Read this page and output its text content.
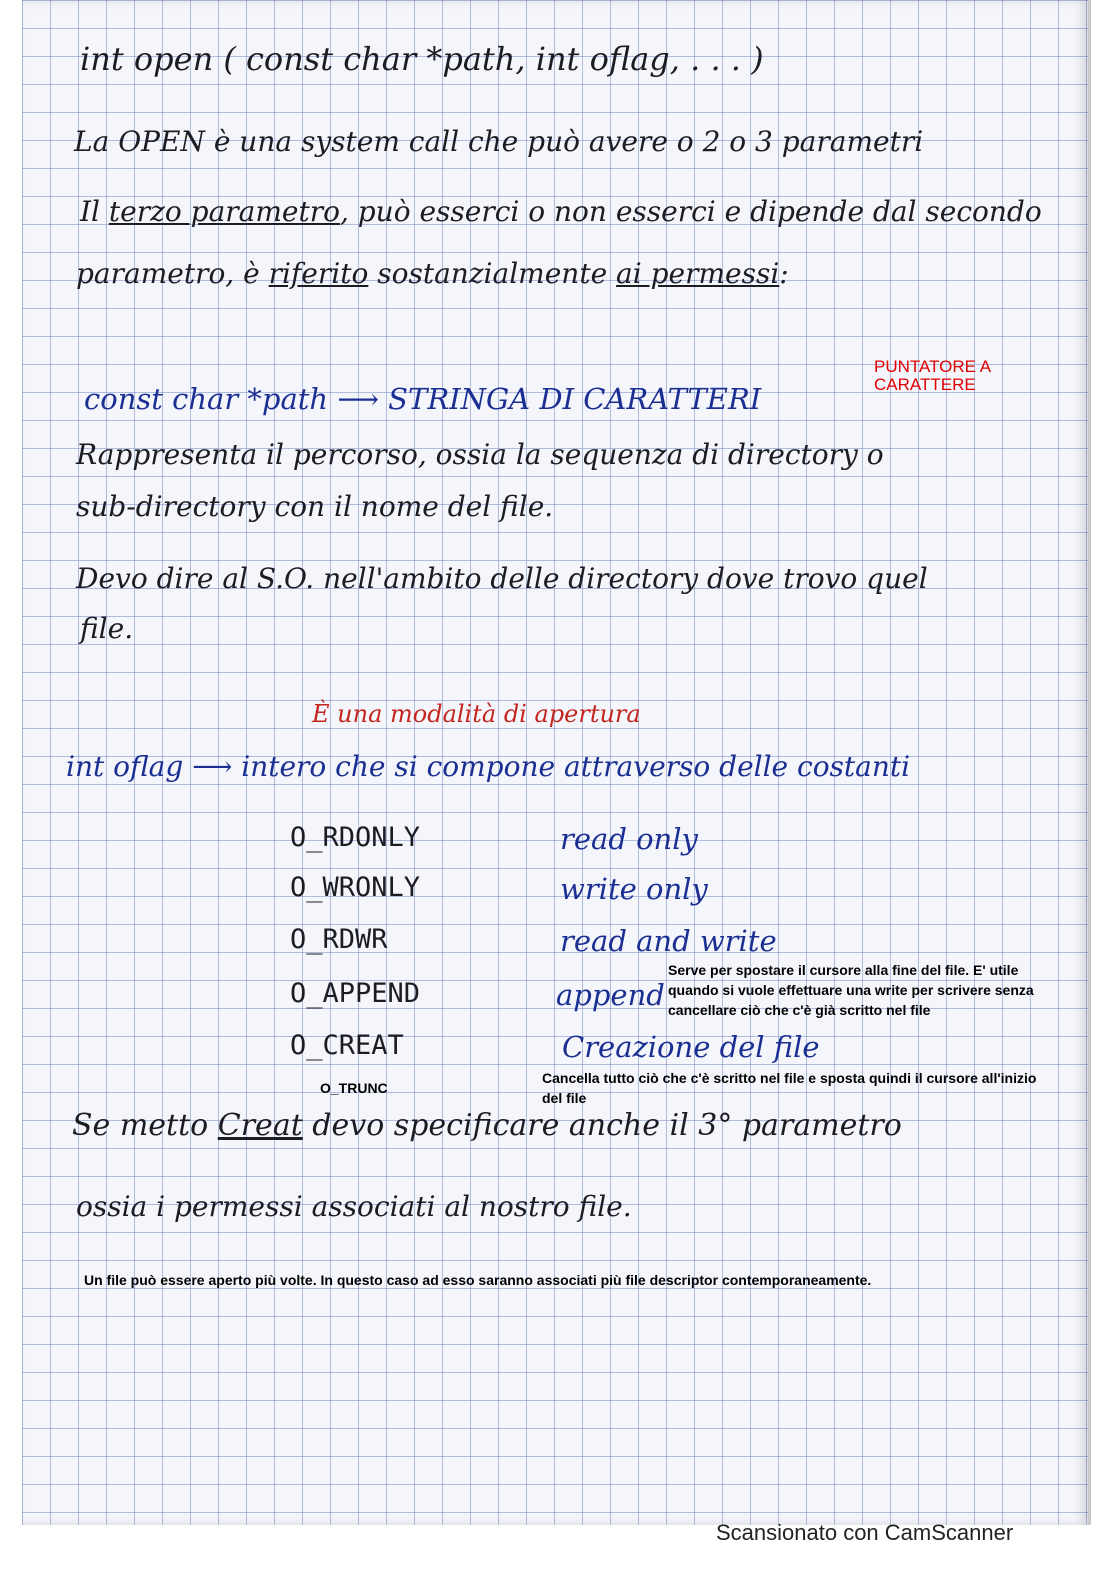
int open ( const char *path, int oflag, . . . )
La OPEN è una system call che può avere o 2 o 3 parametri
Il terzo parametro, può esserci o non esserci e dipende dal secondo
parametro, è riferito sostanzialmente ai permessi:
PUNTATORE A CARATTERE
const char *path ⟶ STRINGA DI CARATTERI
Rappresenta il percorso, ossia la sequenza di directory o
sub-directory con il nome del file.
Devo dire al S.O. nell'ambito delle directory dove trovo quel
file.
È una modalità di apertura
int oflag ⟶ intero che si compone attraverso delle costanti
O_RDONLY	read only
O_WRONLY	write only
O_RDWR	read and write
O_APPEND	append
Serve per spostare il cursore alla fine del file. E' utile quando si vuole effettuare una write per scrivere senza cancellare ciò che c'è già scritto nel file
O_CREAT	Creazione del file
O_TRUNC
Cancella tutto ciò che c'è scritto nel file e sposta quindi il cursore all'inizio del file
Se metto Creat devo specificare anche il 3° parametro
ossia i permessi associati al nostro file.
Un file può essere aperto più volte. In questo caso ad esso saranno associati più file descriptor contemporaneamente.
Scansionato con CamScanner
